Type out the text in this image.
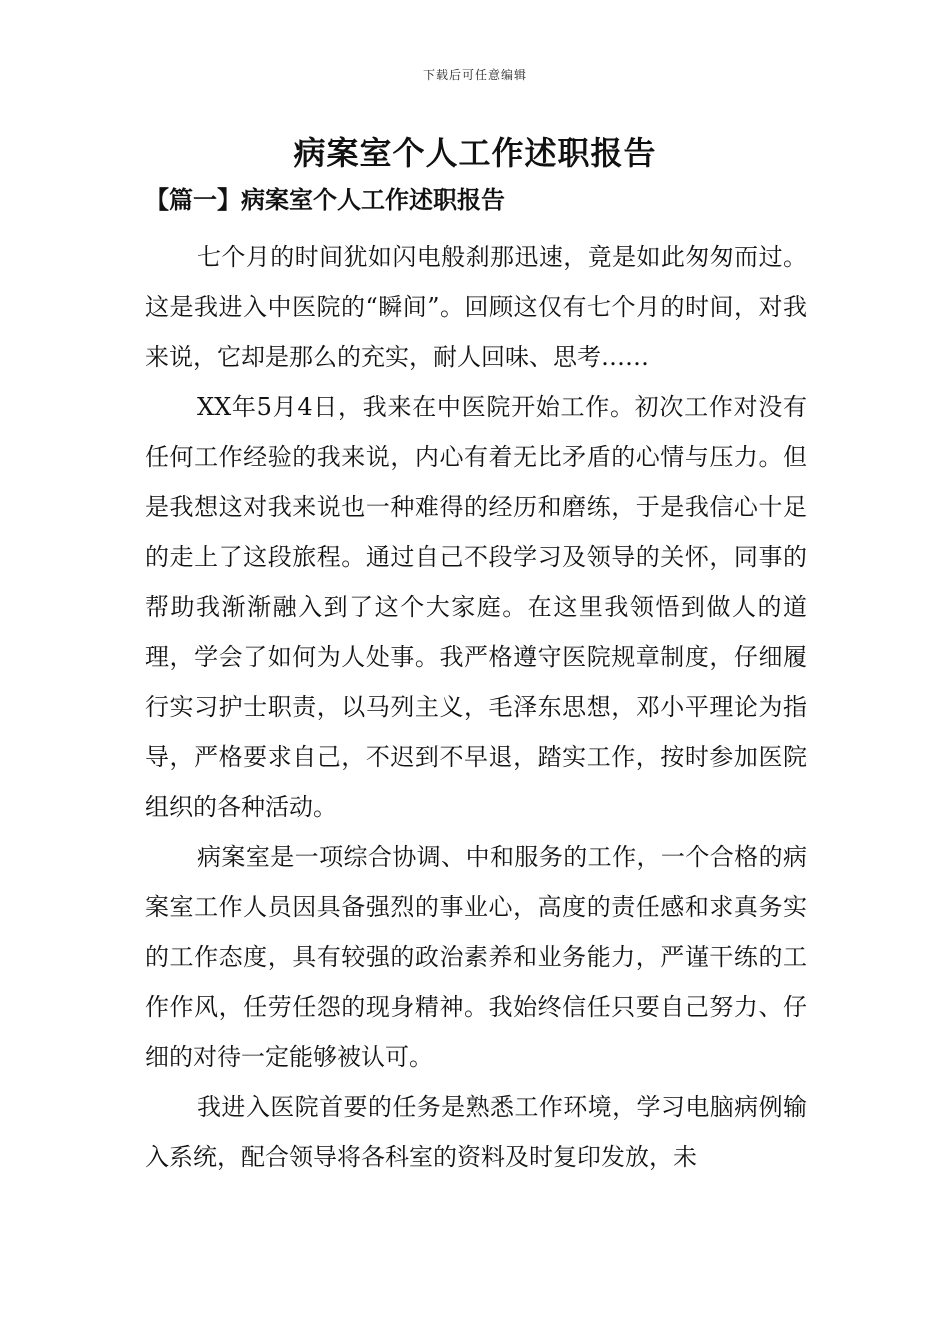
下载后可任意编辑
病案室个人工作述职报告
【篇一】病案室个人工作述职报告

七个月的时间犹如闪电般刹那迅速，竟是如此匆匆而过。这是我进入中医院的“瞬间”。回顾这仅有七个月的时间，对我来说，它却是那么的充实，耐人回味、思考……

XX年5月4日，我来在中医院开始工作。初次工作对没有任何工作经验的我来说，内心有着无比矛盾的心情与压力。但是我想这对我来说也一种难得的经历和磨练，于是我信心十足的走上了这段旅程。通过自己不段学习及领导的关怀，同事的帮助我渐渐融入到了这个大家庭。在这里我领悟到做人的道理，学会了如何为人处事。我严格遵守医院规章制度，仔细履行实习护士职责，以马列主义，毛泽东思想，邓小平理论为指导，严格要求自己，不迟到不早退，踏实工作，按时参加医院组织的各种活动。

病案室是一项综合协调、中和服务的工作，一个合格的病案室工作人员因具备强烈的事业心，高度的责任感和求真务实的工作态度，具有较强的政治素养和业务能力，严谨干练的工作作风，任劳任怨的现身精神。我始终信任只要自己努力、仔细的对待一定能够被认可。

我进入医院首要的任务是熟悉工作环境，学习电脑病例输入系统，配合领导将各科室的资料及时复印发放，未
